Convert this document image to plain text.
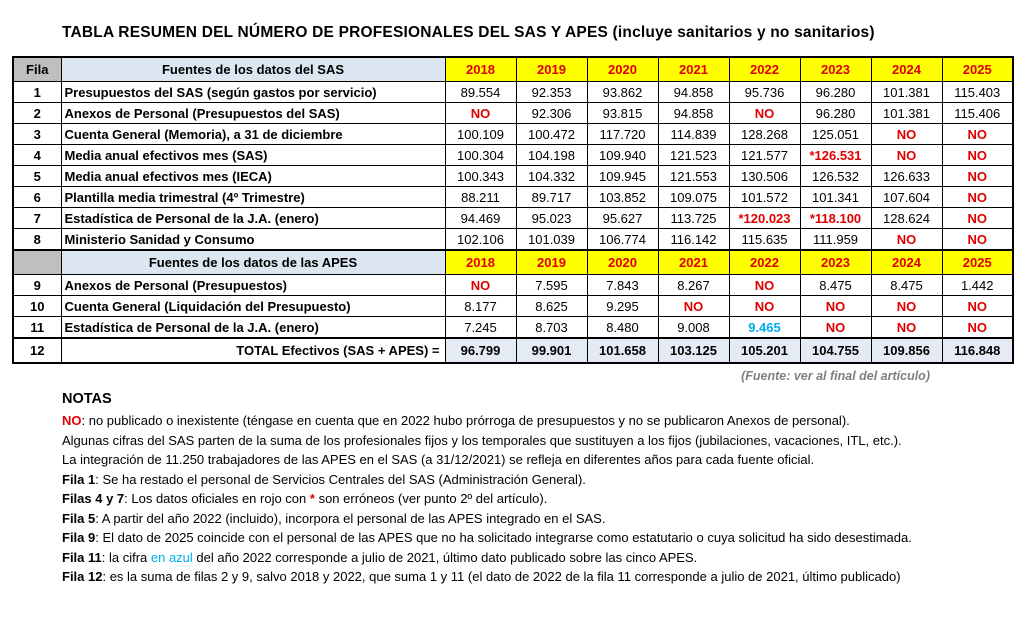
TABLA RESUMEN DEL NÚMERO DE PROFESIONALES DEL SAS Y APES (incluye sanitarios y no sanitarios)
Fila	Fuentes de los datos del SAS	2018	2019	2020	2021	2022	2023	2024	2025
1	Presupuestos del SAS (según gastos por servicio)	89.554	92.353	93.862	94.858	95.736	96.280	101.381	115.403
2	Anexos de Personal (Presupuestos del SAS)	NO	92.306	93.815	94.858	NO	96.280	101.381	115.406
3	Cuenta General (Memoria), a 31 de diciembre	100.109	100.472	117.720	114.839	128.268	125.051	NO	NO
4	Media anual efectivos mes (SAS)	100.304	104.198	109.940	121.523	121.577	*126.531	NO	NO
5	Media anual efectivos mes (IECA)	100.343	104.332	109.945	121.553	130.506	126.532	126.633	NO
6	Plantilla media trimestral (4º Trimestre)	88.211	89.717	103.852	109.075	101.572	101.341	107.604	NO
7	Estadística de Personal de la J.A. (enero)	94.469	95.023	95.627	113.725	*120.023	*118.100	128.624	NO
8	Ministerio Sanidad y Consumo	102.106	101.039	106.774	116.142	115.635	111.959	NO	NO
	Fuentes de los datos de las APES	2018	2019	2020	2021	2022	2023	2024	2025
9	Anexos de Personal (Presupuestos)	NO	7.595	7.843	8.267	NO	8.475	8.475	1.442
10	Cuenta General (Liquidación del Presupuesto)	8.177	8.625	9.295	NO	NO	NO	NO	NO
11	Estadística de Personal de la J.A. (enero)	7.245	8.703	8.480	9.008	9.465	NO	NO	NO
12	TOTAL Efectivos (SAS + APES) =	96.799	99.901	101.658	103.125	105.201	104.755	109.856	116.848
(Fuente: ver al final del artículo)
NOTAS
NO: no publicado o inexistente (téngase en cuenta que en 2022 hubo prórroga de presupuestos y no se publicaron Anexos de personal).
Algunas cifras del SAS parten de la suma de los profesionales fijos y los temporales que sustituyen a los fijos (jubilaciones, vacaciones, ITL, etc.).
La integración de 11.250 trabajadores de las APES en el SAS (a 31/12/2021) se refleja en diferentes años para cada fuente oficial.
Fila 1: Se ha restado el personal de Servicios Centrales del SAS (Administración General).
Filas 4 y 7: Los datos oficiales en rojo con * son erróneos (ver punto 2º del artículo).
Fila 5: A partir del año 2022 (incluido), incorpora el personal de las APES integrado en el SAS.
Fila 9: El dato de 2025 coincide con el personal de las APES que no ha solicitado integrarse como estatutario o cuya solicitud ha sido desestimada.
Fila 11: la cifra en azul del año 2022 corresponde a julio de 2021, último dato publicado sobre las cinco APES.
Fila 12: es la suma de filas 2 y 9, salvo 2018 y 2022, que suma 1 y 11 (el dato de 2022 de la fila 11 corresponde a julio de 2021, último publicado)
